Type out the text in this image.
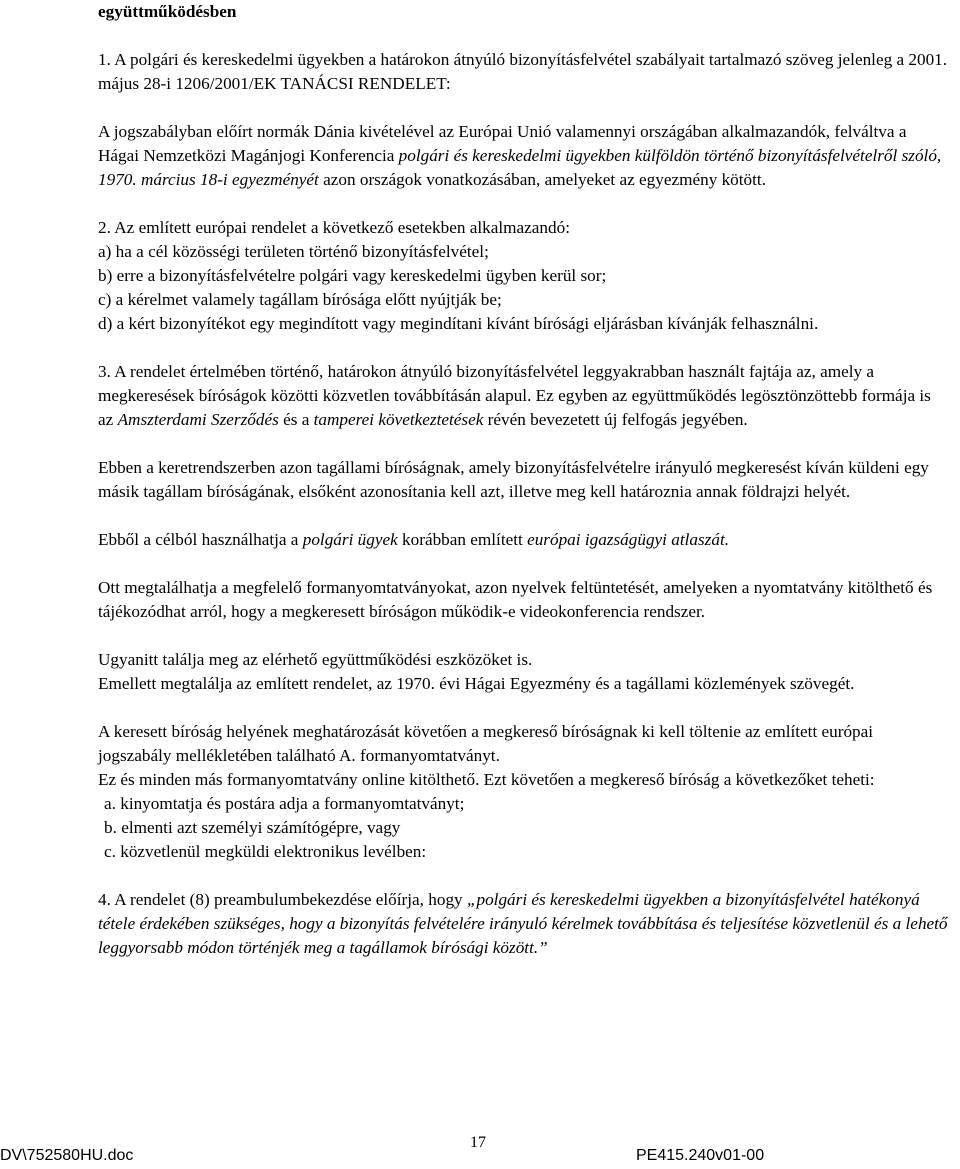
együttműködésben

1. A polgári és kereskedelmi ügyekben a határokon átnyúló bizonyításfelvétel szabályait tartalmazó szöveg jelenleg a 2001. május 28-i 1206/2001/EK TANÁCSI RENDELET:

A jogszabályban előírt normák Dánia kivételével az Európai Unió valamennyi országában alkalmazandók, felváltva a Hágai Nemzetközi Magánjogi Konferencia polgári és kereskedelmi ügyekben külföldön történő bizonyításfelvételről szóló, 1970. március 18-i egyezményét azon országok vonatkozásában, amelyeket az egyezmény kötött.

2. Az említett európai rendelet a következő esetekben alkalmazandó:

a) ha a cél közösségi területen történő bizonyításfelvétel;

b) erre a bizonyításfelvételre polgári vagy kereskedelmi ügyben kerül sor;

c) a kérelmet valamely tagállam bírósága előtt nyújtják be;

d) a kért bizonyítékot egy megindított vagy megindítani kívánt bírósági eljárásban kívánják felhasználni.

3. A rendelet értelmében történő, határokon átnyúló bizonyításfelvétel leggyakrabban használt fajtája az, amely a megkeresések bíróságok közötti közvetlen továbbításán alapul. Ez egyben az együttműködés legösztönzöttebb formája is az Amszterdami Szerződés és a tamperei következtetések révén bevezetett új felfogás jegyében.

Ebben a keretrendszerben azon tagállami bíróságnak, amely bizonyításfelvételre irányuló megkeresést kíván küldeni egy másik tagállam bíróságának, elsőként azonosítania kell azt, illetve meg kell határoznia annak földrajzi helyét.

Ebből a célból használhatja a polgári ügyek korábban említett európai igazságügyi atlaszát.

Ott megtalálhatja a megfelelő formanyomtatványokat, azon nyelvek feltüntetését, amelyeken a nyomtatvány kitölthető és tájékozódhat arról, hogy a megkeresett bíróságon működik-e videokonferencia rendszer.

Ugyanitt találja meg az elérhető együttműködési eszközöket is.

Emellett megtalálja az említett rendelet, az 1970. évi Hágai Egyezmény és a tagállami közlemények szövegét.

A keresett bíróság helyének meghatározását követően a megkereső bíróságnak ki kell töltenie az említett európai jogszabály mellékletében található A. formanyomtatványt.

Ez és minden más formanyomtatvány online kitölthető. Ezt követően a megkereső bíróság a következőket teheti:

a. kinyomtatja és postára adja a formanyomtatványt;

b. elmenti azt személyi számítógépre, vagy

c. közvetlenül megküldi elektronikus levélben:

4. A rendelet (8) preambulumbekezdése előírja, hogy „polgári és kereskedelmi ügyekben a bizonyításfelvétel hatékonyá tétele érdekében szükséges, hogy a bizonyítás felvételére irányuló kérelmek továbbítása és teljesítése közvetlenül és a lehető leggyorsabb módon történjék meg a tagállamok bírósági között.”

DV\752580HU.doc
17
PE415.240v01-00
